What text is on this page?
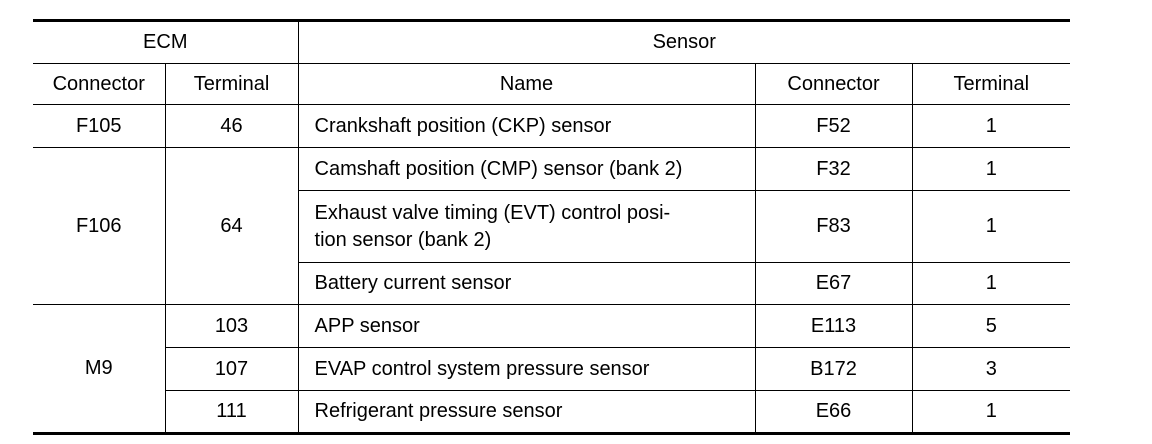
ECM		Sensor		
Connector	Terminal	Name	Connector	Terminal
F105	46	Crankshaft position (CKP) sensor	F52	1
F106	64	Camshaft position (CMP) sensor (bank 2)	F32	1
		Exhaust valve timing (EVT) control posi-
tion sensor (bank 2)	F83	1
		Battery current sensor	E67	1
M9	103	APP sensor	E113	5
	107	EVAP control system pressure sensor	B172	3
	111	Refrigerant pressure sensor	E66	1
